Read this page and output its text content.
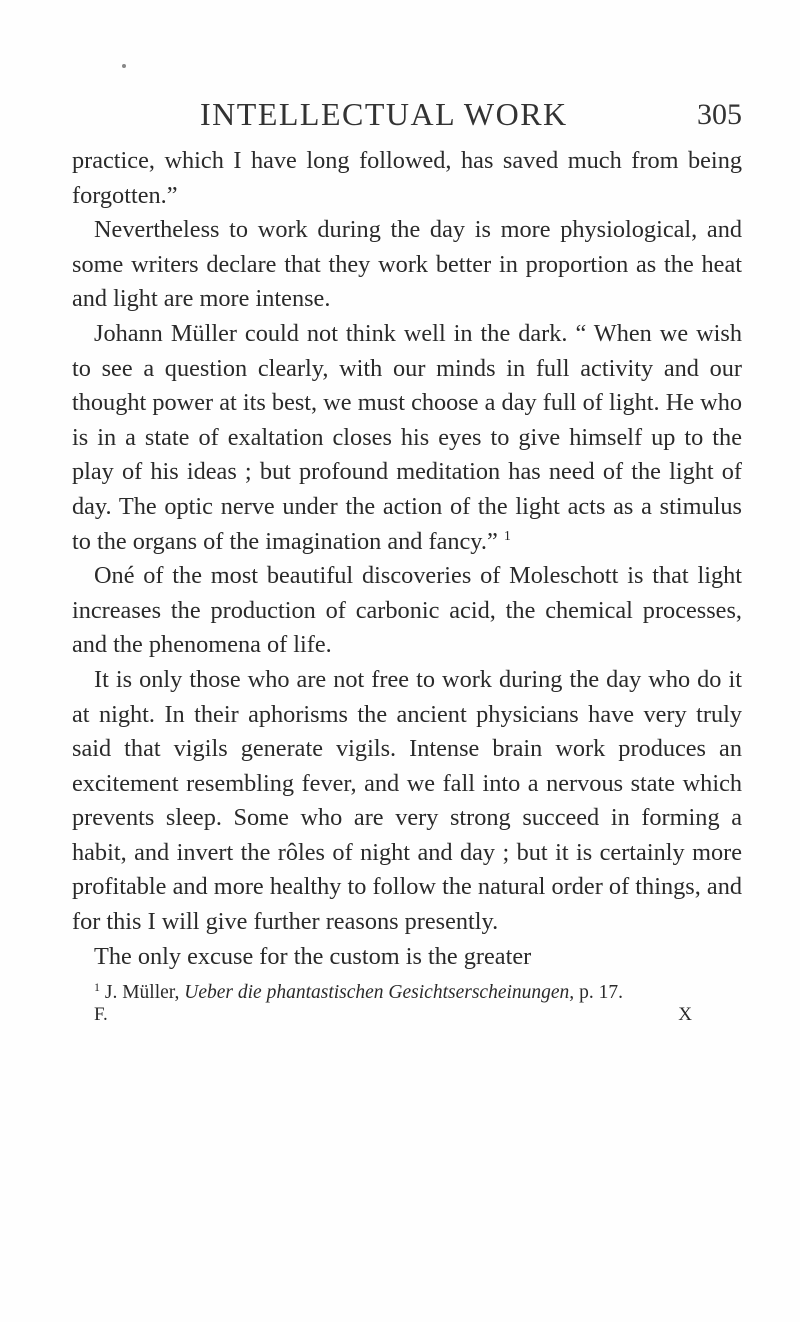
INTELLECTUAL WORK	305

practice, which I have long followed, has saved much from being forgotten.”

Nevertheless to work during the day is more physiological, and some writers declare that they work better in proportion as the heat and light are more intense.

Johann Müller could not think well in the dark. “ When we wish to see a question clearly, with our minds in full activity and our thought power at its best, we must choose a day full of light. He who is in a state of exaltation closes his eyes to give himself up to the play of his ideas ; but profound meditation has need of the light of day. The optic nerve under the action of the light acts as a stimulus to the organs of the imagination and fancy.” $^1$

Oné of the most beautiful discoveries of Moleschott is that light increases the production of carbonic acid, the chemical processes, and the phenomena of life.

It is only those who are not free to work during the day who do it at night. In their aphorisms the ancient physicians have very truly said that vigils generate vigils. Intense brain work produces an excitement resembling fever, and we fall into a nervous state which prevents sleep. Some who are very strong succeed in forming a habit, and invert the rôles of night and day ; but it is certainly more profitable and more healthy to follow the natural order of things, and for this I will give further reasons presently.

The only excuse for the custom is the greater

$^1$ J. Müller, Ueber die phantastischen Gesichtserscheinungen, p. 17.

F.	X
